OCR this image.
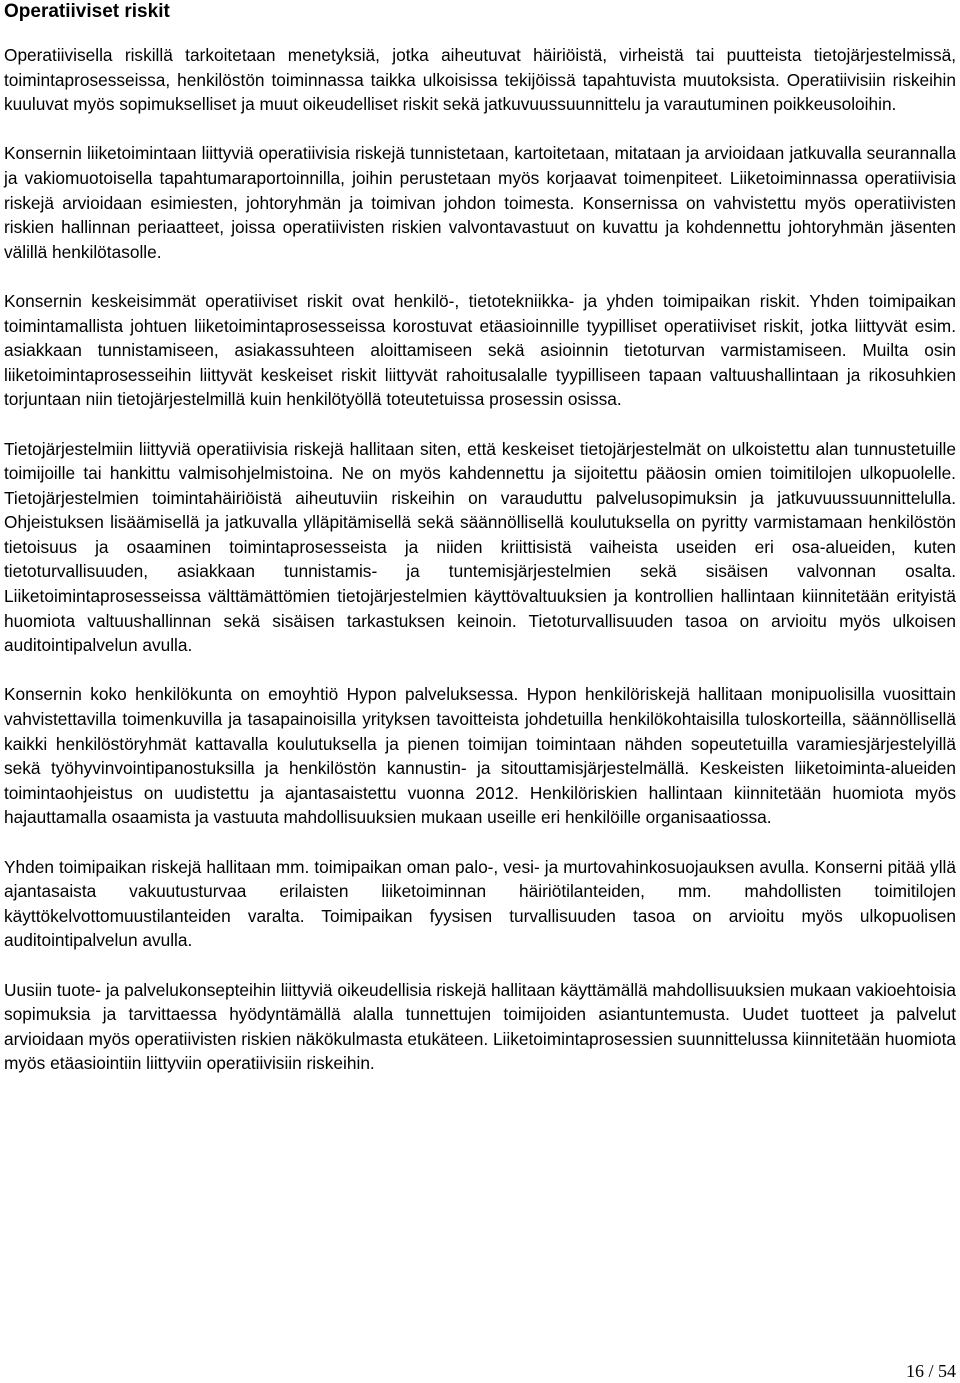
Operatiiviset riskit

Operatiivisella riskillä tarkoitetaan menetyksiä, jotka aiheutuvat häiriöistä, virheistä tai puutteista tietojärjestelmissä, toimintaprosesseissa, henkilöstön toiminnassa taikka ulkoisissa tekijöissä tapahtuvista muutoksista. Operatiivisiin riskeihin kuuluvat myös sopimukselliset ja muut oikeudelliset riskit sekä jatkuvuussuunnittelu ja varautuminen poikkeusoloihin.

Konsernin liiketoimintaan liittyviä operatiivisia riskejä tunnistetaan, kartoitetaan, mitataan ja arvioidaan jatkuvalla seurannalla ja vakiomuotoisella tapahtumaraportoinnilla, joihin perustetaan myös korjaavat toimenpiteet. Liiketoiminnassa operatiivisia riskejä arvioidaan esimiesten, johtoryhmän ja toimivan johdon toimesta. Konsernissa on vahvistettu myös operatiivisten riskien hallinnan periaatteet, joissa operatiivisten riskien valvontavastuut on kuvattu ja kohdennettu johtoryhmän jäsenten välillä henkilötasolle.

Konsernin keskeisimmät operatiiviset riskit ovat henkilö-, tietotekniikka- ja yhden toimipaikan riskit. Yhden toimipaikan toimintamallista johtuen liiketoimintaprosesseissa korostuvat etäasioinnille tyypilliset operatiiviset riskit, jotka liittyvät esim. asiakkaan tunnistamiseen, asiakassuhteen aloittamiseen sekä asioinnin tietoturvan varmistamiseen. Muilta osin liiketoimintaprosesseihin liittyvät keskeiset riskit liittyvät rahoitusalalle tyypilliseen tapaan valtuushallintaan ja rikosuhkien torjuntaan niin tietojärjestelmillä kuin henkilötyöllä toteutetuissa prosessin osissa.

Tietojärjestelmiin liittyviä operatiivisia riskejä hallitaan siten, että keskeiset tietojärjestelmät on ulkoistettu alan tunnustetuille toimijoille tai hankittu valmisohjelmistoina. Ne on myös kahdennettu ja sijoitettu pääosin omien toimitilojen ulkopuolelle. Tietojärjestelmien toimintahäiriöistä aiheutuviin riskeihin on varauduttu palvelusopimuksin ja jatkuvuussuunnittelulla. Ohjeistuksen lisäämisellä ja jatkuvalla ylläpitämisellä sekä säännöllisellä koulutuksella on pyritty varmistamaan henkilöstön tietoisuus ja osaaminen toimintaprosesseista ja niiden kriittisistä vaiheista useiden eri osa-alueiden, kuten tietoturvallisuuden, asiakkaan tunnistamis- ja tuntemisjärjestelmien sekä sisäisen valvonnan osalta. Liiketoimintaprosesseissa välttämättömien tietojärjestelmien käyttövaltuuksien ja kontrollien hallintaan kiinnitetään erityistä huomiota valtuushallinnan sekä sisäisen tarkastuksen keinoin. Tietoturvallisuuden tasoa on arvioitu myös ulkoisen auditointipalvelun avulla.

Konsernin koko henkilökunta on emoyhtiö Hypon palveluksessa. Hypon henkilöriskejä hallitaan monipuolisilla vuosittain vahvistettavilla toimenkuvilla ja tasapainoisilla yrityksen tavoitteista johdetuilla henkilökohtaisilla tuloskorteilla, säännöllisellä kaikki henkilöstöryhmät kattavalla koulutuksella ja pienen toimijan toimintaan nähden sopeutetuilla varamiesjärjestelyillä sekä työhyvinvointipanostuksilla ja henkilöstön kannustin- ja sitouttamisjärjestelmällä. Keskeisten liiketoiminta-alueiden toimintaohjeistus on uudistettu ja ajantasaistettu vuonna 2012. Henkilöriskien hallintaan kiinnitetään huomiota myös hajauttamalla osaamista ja vastuuta mahdollisuuksien mukaan useille eri henkilöille organisaatiossa.

Yhden toimipaikan riskejä hallitaan mm. toimipaikan oman palo-, vesi- ja murtovahinkosuojauksen avulla. Konserni pitää yllä ajantasaista vakuutusturvaa erilaisten liiketoiminnan häiriötilanteiden, mm. mahdollisten toimitilojen käyttökelvottomuustilanteiden varalta. Toimipaikan fyysisen turvallisuuden tasoa on arvioitu myös ulkopuolisen auditointipalvelun avulla.

Uusiin tuote- ja palvelukonsepteihin liittyviä oikeudellisia riskejä hallitaan käyttämällä mahdollisuuksien mukaan vakioehtoisia sopimuksia ja tarvittaessa hyödyntämällä alalla tunnettujen toimijoiden asiantuntemusta. Uudet tuotteet ja palvelut arvioidaan myös operatiivisten riskien näkökulmasta etukäteen. Liiketoimintaprosessien suunnittelussa kiinnitetään huomiota myös etäasiointiin liittyviin operatiivisiin riskeihin.

16 / 54
